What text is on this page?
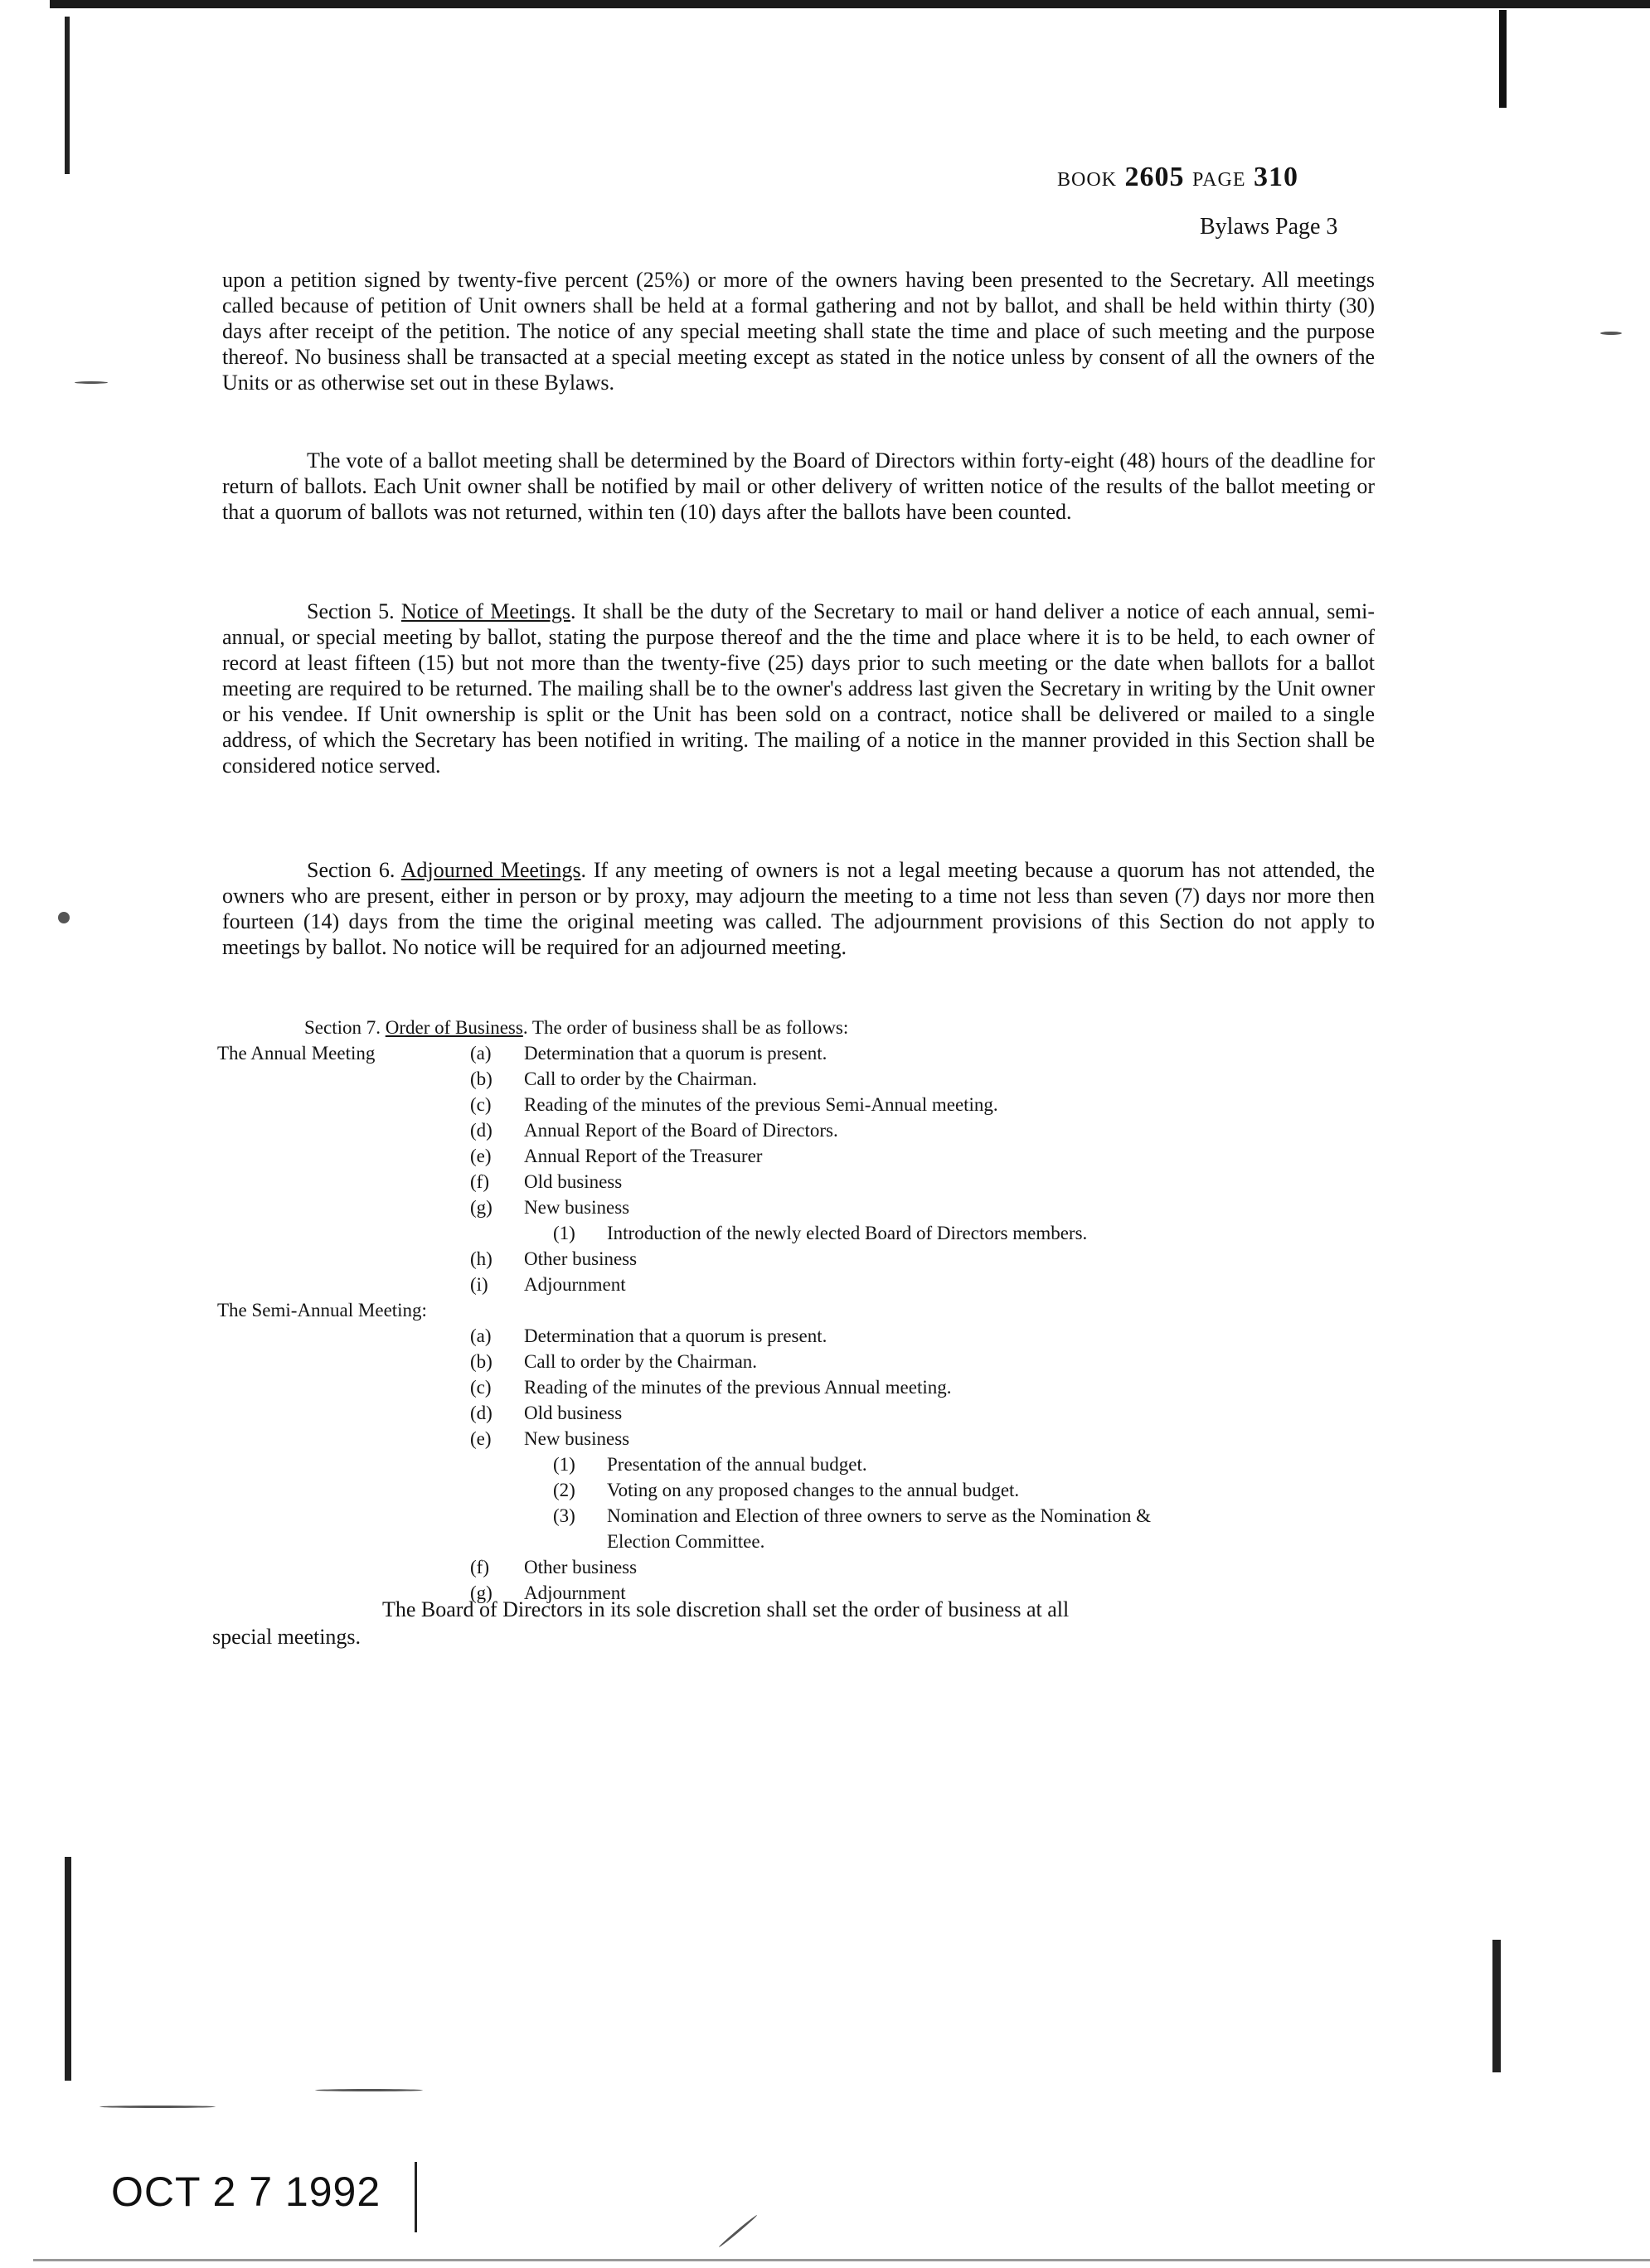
BOOK 2605 PAGE 310
Bylaws Page 3
upon a petition signed by twenty-five percent (25%) or more of the owners having been presented to the Secretary. All meetings called because of petition of Unit owners shall be held at a formal gathering and not by ballot, and shall be held within thirty (30) days after receipt of the petition. The notice of any special meeting shall state the time and place of such meeting and the purpose thereof. No business shall be transacted at a special meeting except as stated in the notice unless by consent of all the owners of the Units or as otherwise set out in these Bylaws.
The vote of a ballot meeting shall be determined by the Board of Directors within forty-eight (48) hours of the deadline for return of ballots. Each Unit owner shall be notified by mail or other delivery of written notice of the results of the ballot meeting or that a quorum of ballots was not returned, within ten (10) days after the ballots have been counted.
Section 5. Notice of Meetings. It shall be the duty of the Secretary to mail or hand deliver a notice of each annual, semi-annual, or special meeting by ballot, stating the purpose thereof and the the time and place where it is to be held, to each owner of record at least fifteen (15) but not more than the twenty-five (25) days prior to such meeting or the date when ballots for a ballot meeting are required to be returned. The mailing shall be to the owner's address last given the Secretary in writing by the Unit owner or his vendee. If Unit ownership is split or the Unit has been sold on a contract, notice shall be delivered or mailed to a single address, of which the Secretary has been notified in writing. The mailing of a notice in the manner provided in this Section shall be considered notice served.
Section 6. Adjourned Meetings. If any meeting of owners is not a legal meeting because a quorum has not attended, the owners who are present, either in person or by proxy, may adjourn the meeting to a time not less than seven (7) days nor more then fourteen (14) days from the time the original meeting was called. The adjournment provisions of this Section do not apply to meetings by ballot. No notice will be required for an adjourned meeting.
Section 7. Order of Business. The order of business shall be as follows:
The Annual Meeting	(a) Determination that a quorum is present.
(b) Call to order by the Chairman.
(c) Reading of the minutes of the previous Semi-Annual meeting.
(d) Annual Report of the Board of Directors.
(e) Annual Report of the Treasurer
(f) Old business
(g) New business
(1) Introduction of the newly elected Board of Directors members.
(h) Other business
(i) Adjournment
The Semi-Annual Meeting:
(a) Determination that a quorum is present.
(b) Call to order by the Chairman.
(c) Reading of the minutes of the previous Annual meeting.
(d) Old business
(e) New business
(1) Presentation of the annual budget.
(2) Voting on any proposed changes to the annual budget.
(3) Nomination and Election of three owners to serve as the Nomination &
Election Committee.
(f) Other business
(g) Adjournment

The Board of Directors in its sole discretion shall set the order of business at all

special meetings.

OCT 2 7 1992
